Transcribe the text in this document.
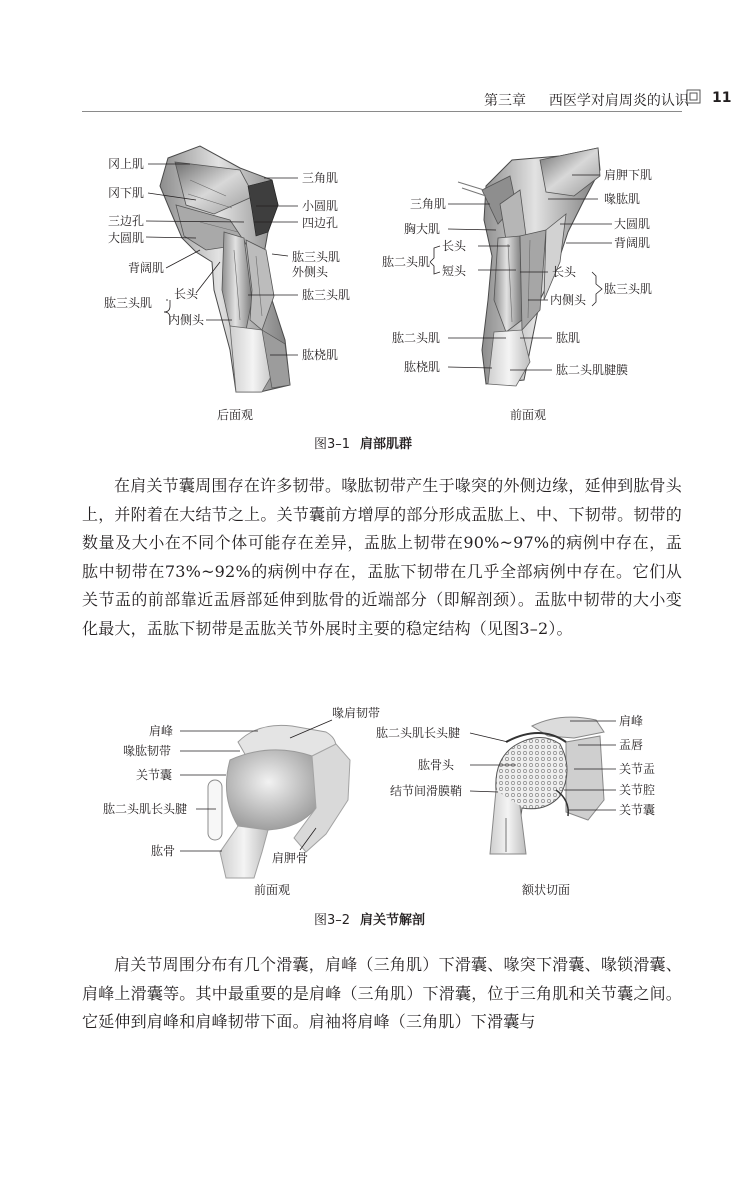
第三章 西医学对肩周炎的认识 11
冈上肌
冈下肌
三边孔
大圆肌
背阔肌
肱三头肌
长头
内侧头
三角肌
小圆肌
四边孔
肱三头肌
外侧头
肱三头肌
肱桡肌
后面观
三角肌
胸大肌
肱二头肌
长头
短头
肱二头肌
肱桡肌
肩胛下肌
喙肱肌
大圆肌
背阔肌
长头
内侧头
肱三头肌
肱肌
肱二头肌腱膜
前面观
图3–1 肩部肌群
在肩关节囊周围存在许多韧带。喙肱韧带产生于喙突的外侧边缘，延伸到肱骨头上，并附着在大结节之上。关节囊前方增厚的部分形成盂肱上、中、下韧带。韧带的数量及大小在不同个体可能存在差异，盂肱上韧带在90%~97%的病例中存在，盂肱中韧带在73%~92%的病例中存在，盂肱下韧带在几乎全部病例中存在。它们从关节盂的前部靠近盂唇部延伸到肱骨的近端部分（即解剖颈）。盂肱中韧带的大小变化最大，盂肱下韧带是盂肱关节外展时主要的稳定结构（见图3–2）。
肩峰
喙肱韧带
关节囊
肱二头肌长头腱
肱骨
喙肩韧带
肩胛骨
前面观
肱二头肌长头腱
肱骨头
结节间滑膜鞘
肩峰
盂唇
关节盂
关节腔
关节囊
额状切面
图3–2 肩关节解剖
肩关节周围分布有几个滑囊，肩峰（三角肌）下滑囊、喙突下滑囊、喙锁滑囊、肩峰上滑囊等。其中最重要的是肩峰（三角肌）下滑囊，位于三角肌和关节囊之间。它延伸到肩峰和肩峰韧带下面。肩袖将肩峰（三角肌）下滑囊与
